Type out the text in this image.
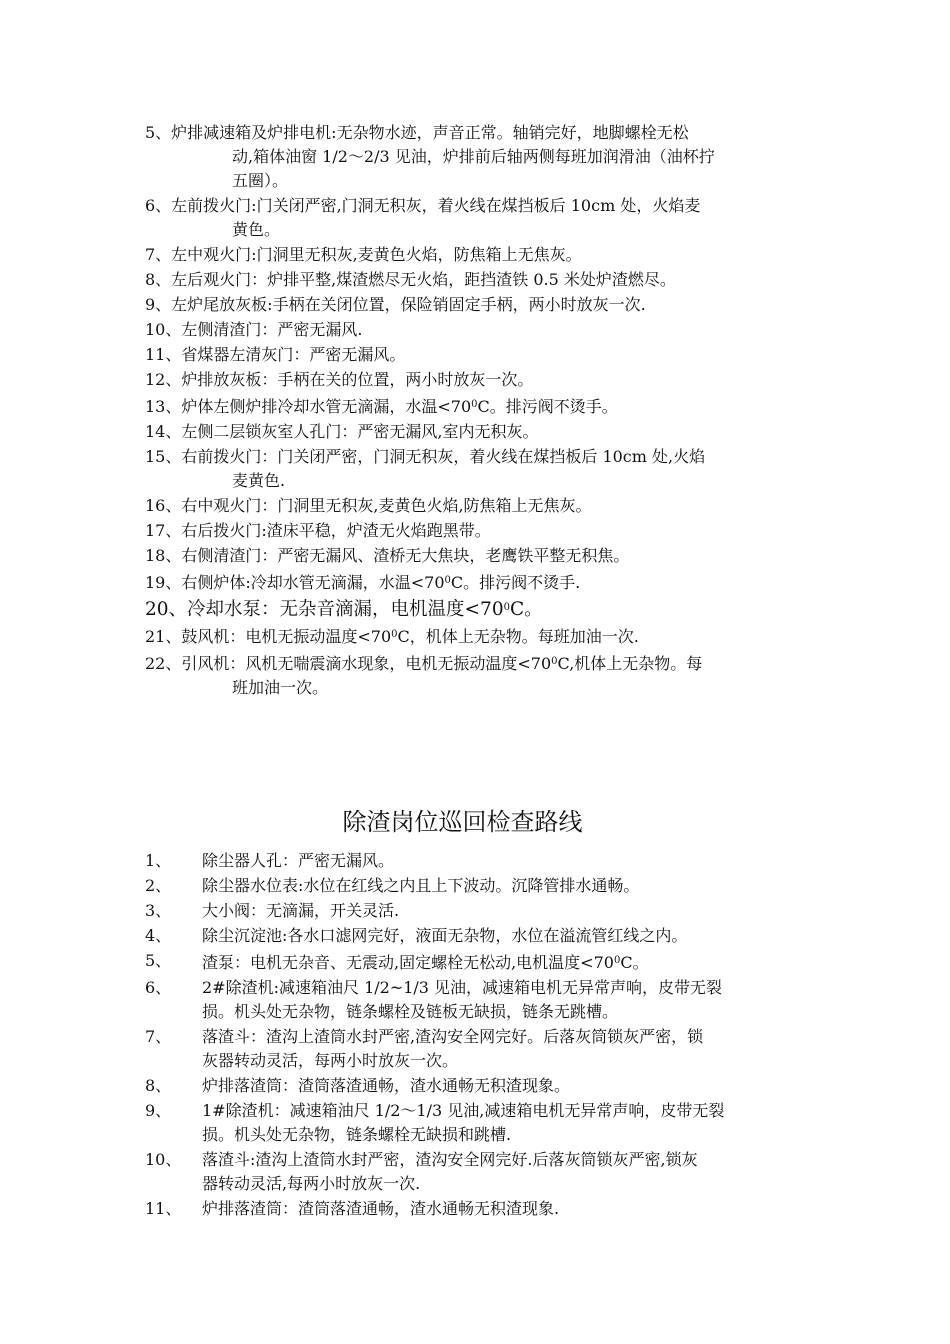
5、炉排减速箱及炉排电机:无杂物水迹，声音正常。轴销完好，地脚螺栓无松
动,箱体油窗 1/2～2/3 见油，炉排前后轴两侧每班加润滑油（油杯拧
五圈）。
6、左前拨火门:门关闭严密,门洞无积灰，着火线在煤挡板后 10cm 处，火焰麦
黄色。
7、左中观火门:门洞里无积灰,麦黄色火焰，防焦箱上无焦灰。
8、左后观火门：炉排平整,煤渣燃尽无火焰，距挡渣铁 0.5 米处炉渣燃尽。
9、左炉尾放灰板:手柄在关闭位置，保险销固定手柄，两小时放灰一次.
10、左侧清渣门：严密无漏风.
11、省煤器左清灰门：严密无漏风。
12、炉排放灰板：手柄在关的位置，两小时放灰一次。
13、炉体左侧炉排冷却水管无滴漏，水温$<70^0C$。排污阀不烫手。
14、左侧二层锁灰室人孔门：严密无漏风,室内无积灰。
15、右前拨火门：门关闭严密，门洞无积灰，着火线在煤挡板后 10cm 处,火焰
麦黄色.
16、右中观火门：门洞里无积灰,麦黄色火焰,防焦箱上无焦灰。
17、右后拨火门:渣床平稳，炉渣无火焰跑黑带。
18、右侧清渣门：严密无漏风、渣桥无大焦块，老鹰铁平整无积焦。
19、右侧炉体:冷却水管无滴漏，水温$<70^0C$。排污阀不烫手.
20、冷却水泵：无杂音滴漏，电机温度$<70^0C$。
21、鼓风机：电机无振动温度$<70^0C$，机体上无杂物。每班加油一次.
22、引风机：风机无喘震滴水现象，电机无振动温度$<70^0C$,机体上无杂物。每
班加油一次。
除渣岗位巡回检查路线
1、	除尘器人孔：严密无漏风。
2、	除尘器水位表:水位在红线之内且上下波动。沉降管排水通畅。
3、	大小阀：无滴漏，开关灵活.
4、	除尘沉淀池:各水口滤网完好，液面无杂物，水位在溢流管红线之内。
5、	渣泵：电机无杂音、无震动,固定螺栓无松动,电机温度$<70^0C$。
6、	2#除渣机:减速箱油尺 1/2~1/3 见油，减速箱电机无异常声响，皮带无裂
损。机头处无杂物，链条螺栓及链板无缺损，链条无跳槽。
7、	落渣斗：渣沟上渣筒水封严密,渣沟安全网完好。后落灰筒锁灰严密，锁
灰器转动灵活，每两小时放灰一次。
8、	炉排落渣筒：渣筒落渣通畅，渣水通畅无积渣现象。
9、	1#除渣机：减速箱油尺 1/2～1/3 见油,减速箱电机无异常声响，皮带无裂
损。机头处无杂物，链条螺栓无缺损和跳槽.
10、	落渣斗:渣沟上渣筒水封严密，渣沟安全网完好.后落灰筒锁灰严密,锁灰
器转动灵活,每两小时放灰一次.
11、	炉排落渣筒：渣筒落渣通畅，渣水通畅无积渣现象.
